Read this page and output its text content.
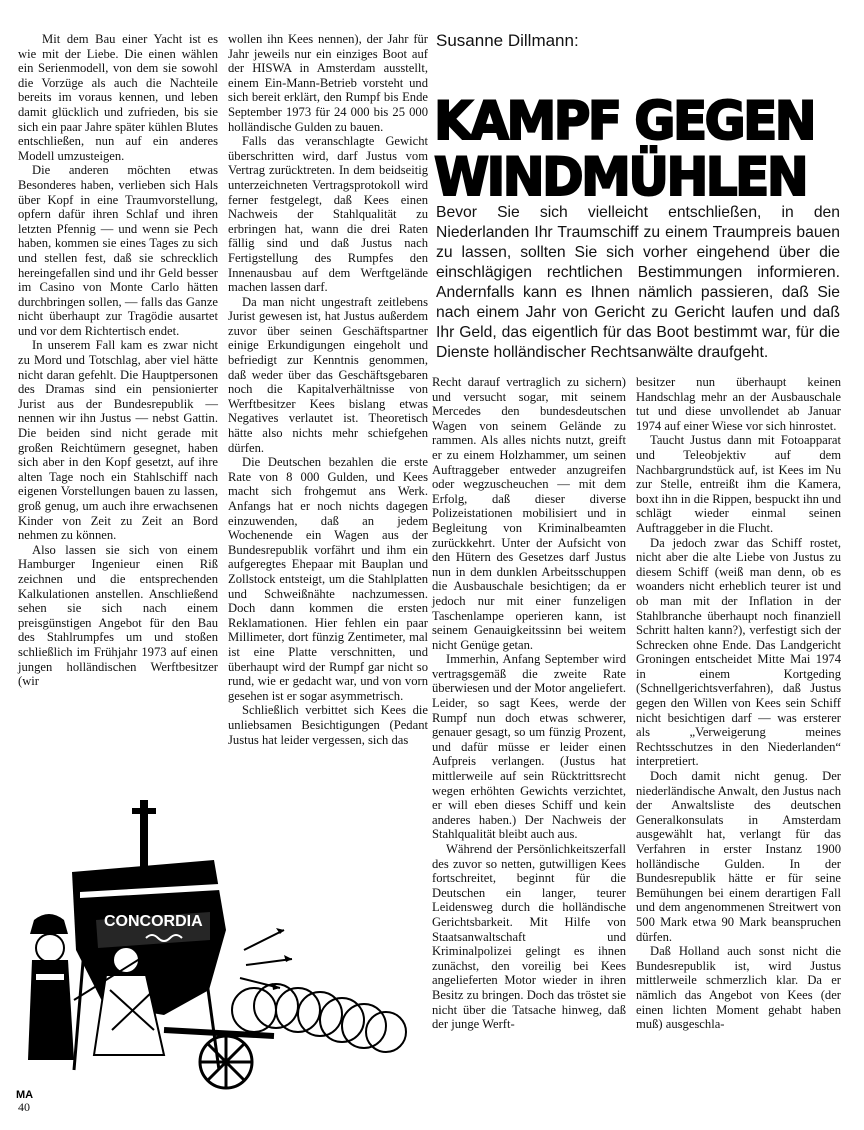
Mit dem Bau einer Yacht ist es wie mit der Liebe. Die einen wählen ein Serienmodell, von dem sie sowohl die Vorzüge als auch die Nachteile bereits im voraus kennen, und leben damit glücklich und zufrieden, bis sie sich ein paar Jahre später kühlen Blutes entschließen, nun auf ein anderes Modell umzusteigen.

Die anderen möchten etwas Besonderes haben, verlieben sich Hals über Kopf in eine Traumvorstellung, opfern dafür ihren Schlaf und ihren letzten Pfennig — und wenn sie Pech haben, kommen sie eines Tages zu sich und stellen fest, daß sie schrecklich hereingefallen sind und ihr Geld besser im Casino von Monte Carlo hätten durchbringen sollen, — falls das Ganze nicht überhaupt zur Tragödie ausartet und vor dem Richtertisch endet.

In unserem Fall kam es zwar nicht zu Mord und Totschlag, aber viel hätte nicht daran gefehlt. Die Hauptpersonen des Dramas sind ein pensionierter Jurist aus der Bundesrepublik — nennen wir ihn Justus — nebst Gattin. Die beiden sind nicht gerade mit großen Reichtümern gesegnet, haben sich aber in den Kopf gesetzt, auf ihre alten Tage noch ein Stahlschiff nach eigenen Vorstellungen bauen zu lassen, groß genug, um auch ihre erwachsenen Kinder von Zeit zu Zeit an Bord nehmen zu können.

Also lassen sie sich von einem Hamburger Ingenieur einen Riß zeichnen und die entsprechenden Kalkulationen anstellen. Anschließend sehen sie sich nach einem preisgünstigen Angebot für den Bau des Stahlrumpfes um und stoßen schließlich im Frühjahr 1973 auf einen jungen holländischen Werftbesitzer (wir

wollen ihn Kees nennen), der Jahr für Jahr jeweils nur ein einziges Boot auf der HISWA in Amsterdam ausstellt, einem Ein-Mann-Betrieb vorsteht und sich bereit erklärt, den Rumpf bis Ende September 1973 für 24 000 bis 25 000 holländische Gulden zu bauen.

Falls das veranschlagte Gewicht überschritten wird, darf Justus vom Vertrag zurücktreten. In dem beidseitig unterzeichneten Vertragsprotokoll wird ferner festgelegt, daß Kees einen Nachweis der Stahlqualität zu erbringen hat, wann die drei Raten fällig sind und daß Justus nach Fertigstellung des Rumpfes den Innenausbau auf dem Werftgelände machen lassen darf.

Da man nicht ungestraft zeitlebens Jurist gewesen ist, hat Justus außerdem zuvor über seinen Geschäftspartner einige Erkundigungen eingeholt und befriedigt zur Kenntnis genommen, daß weder über das Geschäftsgebaren noch die Kapitalverhältnisse von Werftbesitzer Kees bislang etwas Negatives verlautet ist. Theoretisch hätte also nichts mehr schiefgehen dürfen.

Die Deutschen bezahlen die erste Rate von 8 000 Gulden, und Kees macht sich frohgemut ans Werk. Anfangs hat er noch nichts dagegen einzuwenden, daß an jedem Wochenende ein Wagen aus der Bundesrepublik vorfährt und ihm ein aufgeregtes Ehepaar mit Bauplan und Zollstock entsteigt, um die Stahlplatten und Schweißnähte nachzumessen. Doch dann kommen die ersten Reklamationen. Hier fehlen ein paar Millimeter, dort fünzig Zentimeter, mal ist eine Platte verschnitten, und überhaupt wird der Rumpf gar nicht so rund, wie er gedacht war, und von vorn gesehen ist er sogar asymmetrisch.

Schließlich verbittet sich Kees die unliebsamen Besichtigungen (Pedant Justus hat leider vergessen, sich das

Susanne Dillmann:
KAMPF GEGEN
WINDMÜHLEN
Bevor Sie sich vielleicht entschließen, in den Niederlanden Ihr Traumschiff zu einem Traumpreis bauen zu lassen, sollten Sie sich vorher eingehend über die einschlägigen rechtlichen Bestimmungen informieren. Andernfalls kann es Ihnen nämlich passieren, daß Sie nach einem Jahr von Gericht zu Gericht laufen und daß Ihr Geld, das eigentlich für das Boot bestimmt war, für die Dienste holländischer Rechtsanwälte draufgeht.

Recht darauf vertraglich zu sichern) und versucht sogar, mit seinem Mercedes den bundesdeutschen Wagen von seinem Gelände zu rammen. Als alles nichts nutzt, greift er zu einem Holzhammer, um seinen Auftraggeber entweder anzugreifen oder wegzuscheuchen — mit dem Erfolg, daß dieser diverse Polizeistationen mobilisiert und in Begleitung von Kriminalbeamten zurückkehrt. Unter der Aufsicht von den Hütern des Gesetzes darf Justus nun in dem dunklen Arbeitsschuppen die Ausbauschale besichtigen; da er jedoch nur mit einer funzeligen Taschenlampe operieren kann, ist seinem Genauigkeitssinn bei weitem nicht Genüge getan.

Immerhin, Anfang September wird vertragsgemäß die zweite Rate überwiesen und der Motor angeliefert. Leider, so sagt Kees, werde der Rumpf nun doch etwas schwerer, genauer gesagt, so um fünzig Prozent, und dafür müsse er leider einen Aufpreis verlangen. (Justus hat mittlerweile auf sein Rücktrittsrecht wegen erhöhten Gewichts verzichtet, er will eben dieses Schiff und kein anderes haben.) Der Nachweis der Stahlqualität bleibt auch aus.

Während der Persönlichkeitszerfall des zuvor so netten, gutwilligen Kees fortschreitet, beginnt für die Deutschen ein langer, teurer Leidensweg durch die holländische Gerichtsbarkeit. Mit Hilfe von Staatsanwaltschaft und Kriminalpolizei gelingt es ihnen zunächst, den voreilig bei Kees angelieferten Motor wieder in ihren Besitz zu bringen. Doch das tröstet sie nicht über die Tatsache hinweg, daß der junge Werft-

besitzer nun überhaupt keinen Handschlag mehr an der Ausbauschale tut und diese unvollendet ab Januar 1974 auf einer Wiese vor sich hinrostet.

Taucht Justus dann mit Fotoapparat und Teleobjektiv auf dem Nachbargrundstück auf, ist Kees im Nu zur Stelle, entreißt ihm die Kamera, boxt ihn in die Rippen, bespuckt ihn und schlägt wieder einmal seinen Auftraggeber in die Flucht.

Da jedoch zwar das Schiff rostet, nicht aber die alte Liebe von Justus zu diesem Schiff (weiß man denn, ob es woanders nicht erheblich teurer ist und ob man mit der Inflation in der Stahlbranche überhaupt noch finanziell Schritt halten kann?), verfestigt sich der Schrecken ohne Ende. Das Landgericht Groningen entscheidet Mitte Mai 1974 in einem Kortgeding (Schnellgerichtsverfahren), daß Justus gegen den Willen von Kees sein Schiff nicht besichtigen darf — was ersterer als „Verweigerung meines Rechtsschutzes in den Niederlanden“ interpretiert.

Doch damit nicht genug. Der niederländische Anwalt, den Justus nach der Anwaltsliste des deutschen Generalkonsulats in Amsterdam ausgewählt hat, verlangt für das Verfahren in erster Instanz 1900 holländische Gulden. In der Bundesrepublik hätte er für seine Bemühungen bei einem derartigen Fall und dem angenommenen Streitwert von 500 Mark etwa 90 Mark beanspruchen dürfen.

Daß Holland auch sonst nicht die Bundesrepublik ist, wird Justus mittlerweile schmerzlich klar. Da er nämlich das Angebot von Kees (der einen lichten Moment gehabt haben muß) ausgeschla-

CONCORDIA
MA
40
